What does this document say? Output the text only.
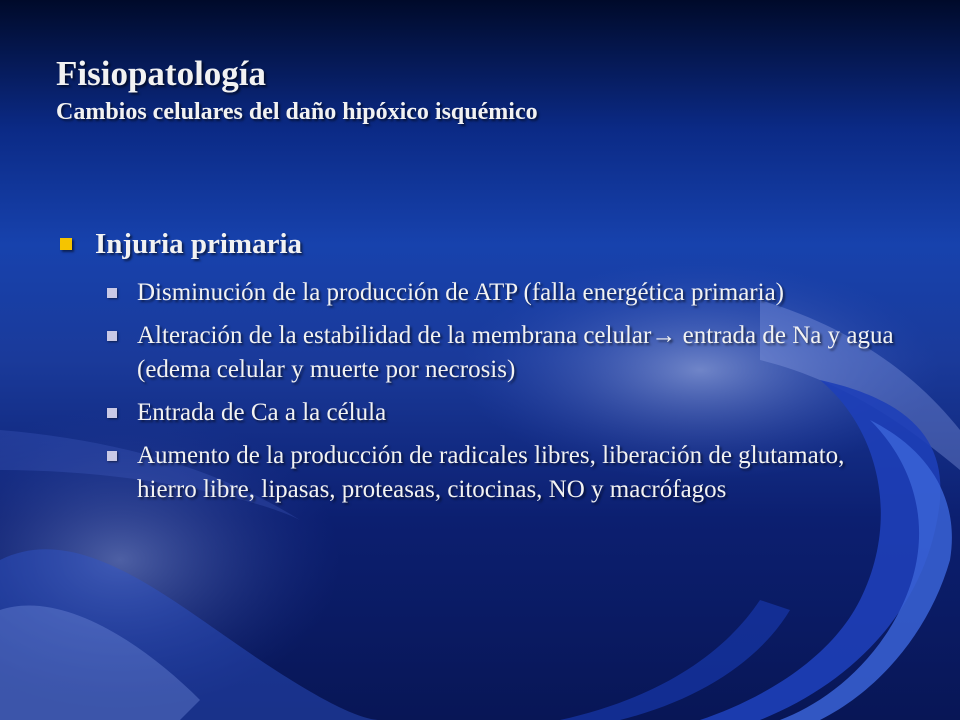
Fisiopatología
Cambios celulares del daño hipóxico isquémico
Injuria primaria
Disminución de la producción de ATP (falla energética primaria)
Alteración de la estabilidad de la membrana celular→ entrada de Na y agua (edema celular y muerte por necrosis)
Entrada de Ca a la célula
Aumento de la producción de radicales libres, liberación de glutamato, hierro libre, lipasas, proteasas, citocinas, NO y macrófagos
